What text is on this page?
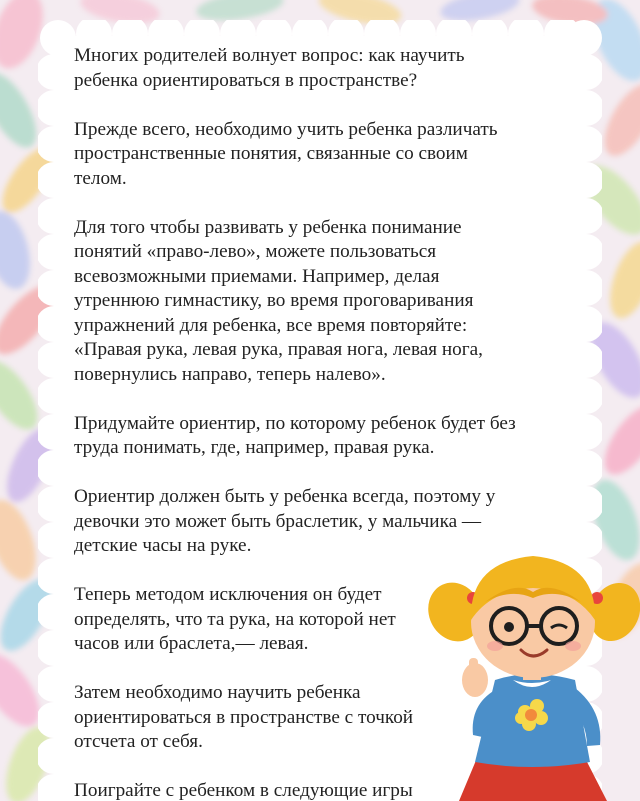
Многих родителей волнует вопрос: как научить
ребенка ориентироваться в пространстве?

Прежде всего, необходимо учить ребенка различать
пространственные понятия, связанные со своим
телом.

Для того чтобы развивать у ребенка понимание
понятий «право-лево», можете пользоваться
всевозможными приемами. Например, делая
утреннюю гимнастику, во время проговаривания
упражнений для ребенка, все время повторяйте:
«Правая рука, левая рука, правая нога, левая нога,
повернулись направо, теперь налево».

Придумайте ориентир, по которому ребенок будет без
труда понимать, где, например, правая рука.

Ориентир должен быть у ребенка всегда, поэтому у
девочки это может быть браслетик, у мальчика —
детские часы на руке.

Теперь методом исключения он будет
определять, что та рука, на которой нет
часов или браслета,— левая.

Затем необходимо научить ребенка
ориентироваться в пространстве с точкой
отсчета от себя.

Поиграйте с ребенком в следующие игры
